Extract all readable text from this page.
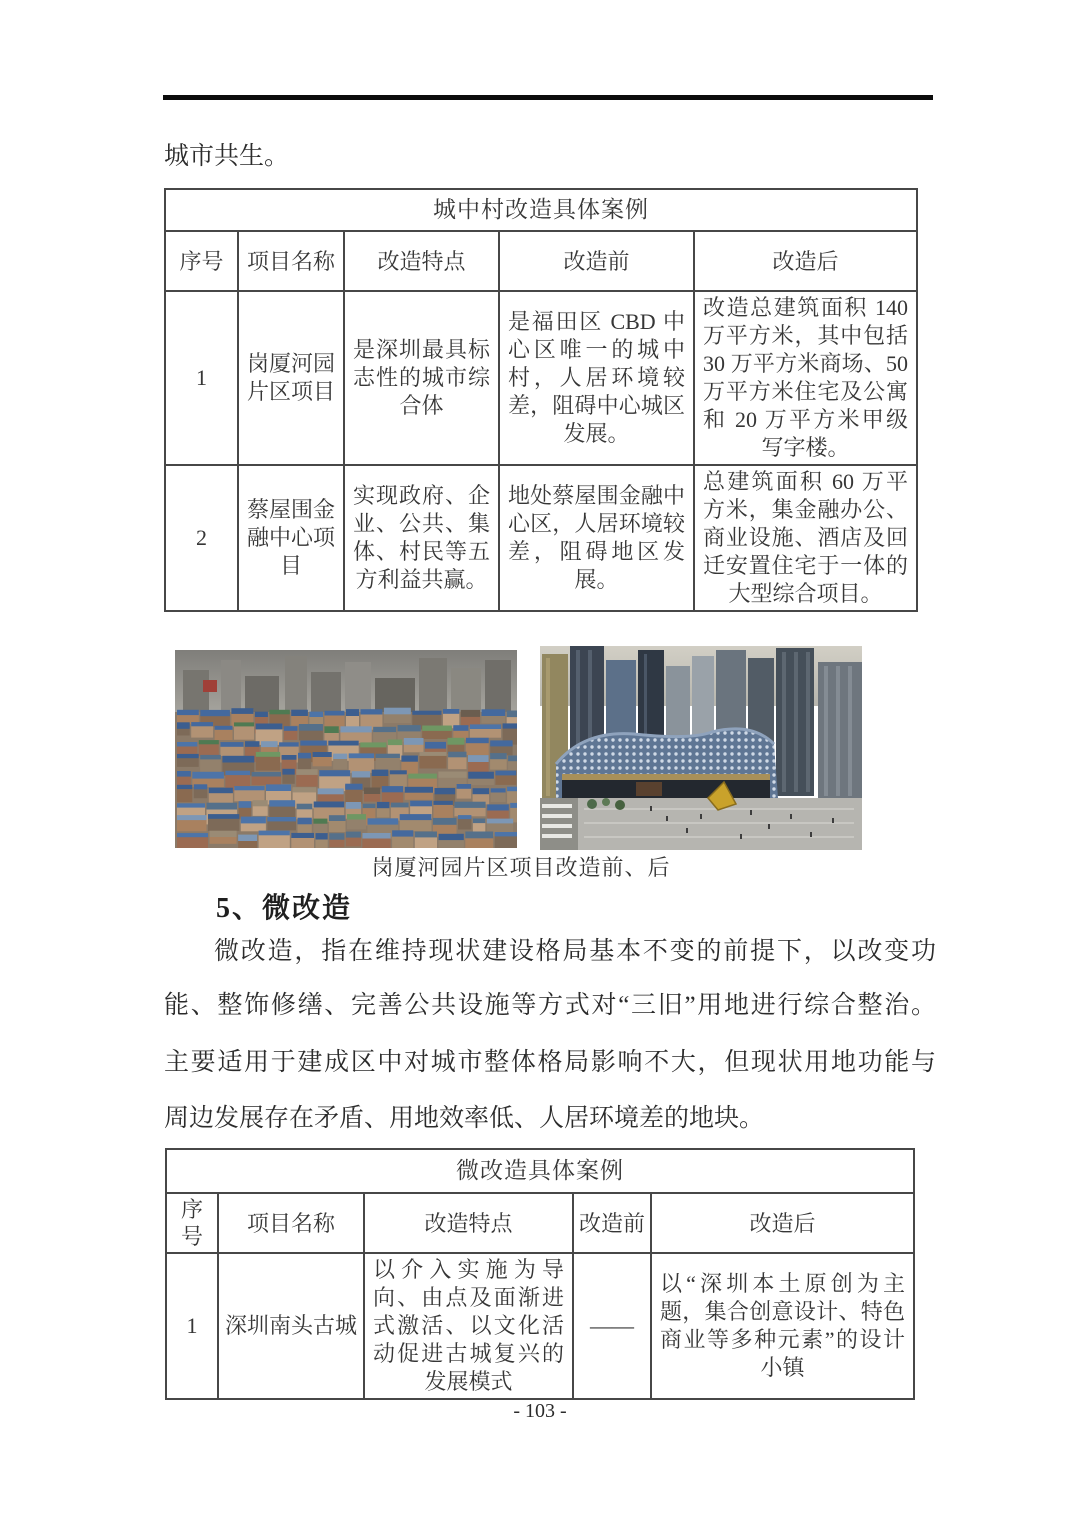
城市共生。
城中村改造具体案例				
序号	项目名称	改造特点	改造前	改造后
1	岗厦河园片区项目	是深圳最具标志性的城市综合体	是福田区 CBD 中心区唯一的城中村，人居环境较差，阻碍中心城区发展。	改造总建筑面积 140 万平方米，其中包括 30 万平方米商场、50 万平方米住宅及公寓和 20 万平方米甲级写字楼。
2	蔡屋围金融中心项目	实现政府、企业、公共、集体、村民等五方利益共赢。	地处蔡屋围金融中心区，人居环境较差，阻碍地区发展。	总建筑面积 60 万平方米，集金融办公、商业设施、酒店及回迁安置住宅于一体的大型综合项目。
岗厦河园片区项目改造前、后
5、微改造
微改造，指在维持现状建设格局基本不变的前提下，以改变功
能、整饰修缮、完善公共设施等方式对“三旧”用地进行综合整治。
主要适用于建成区中对城市整体格局影响不大，但现状用地功能与
周边发展存在矛盾、用地效率低、人居环境差的地块。
微改造具体案例				
序号	项目名称	改造特点	改造前	改造后
1	深圳南头古城	以介入实施为导向、由点及面渐进式激活、以文化活动促进古城复兴的发展模式	——	以“深圳本土原创为主题，集合创意设计、特色商业等多种元素”的设计小镇
- 103 -
